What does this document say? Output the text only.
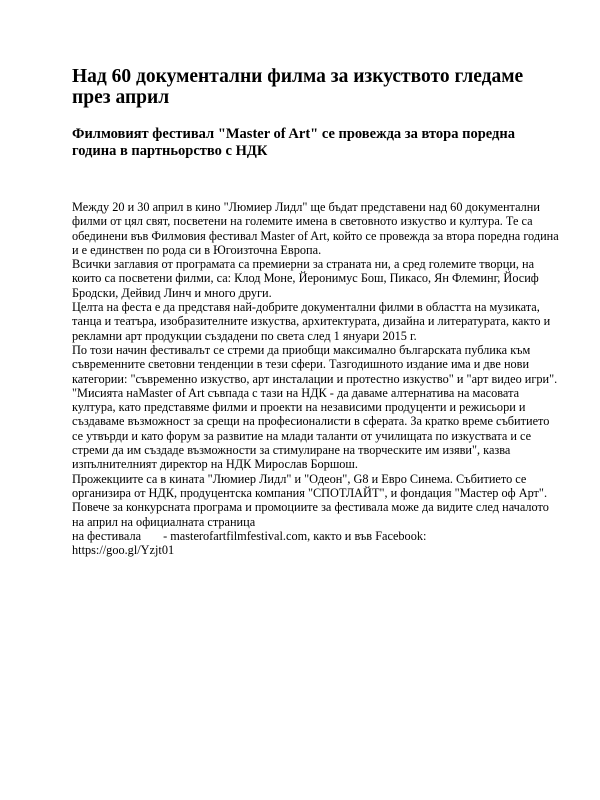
Над 60 документални филма за изкуството гледаме през април
Филмовият фестивал "Master of Art" се провежда за втора поредна година в партньорство с НДК

Между 20 и 30 април в кино "Люмиер Лидл" ще бъдат представени над 60 документални филми от цял свят, посветени на големите имена в световното изкуство и култура. Те са обединени във Филмовия фестивал Master of Art, който се провежда за втора поредна година и е единствен по рода си в Югоизточна Европа.

Всички заглавия от програмата са премиерни за страната ни, а сред големите творци, на които са посветени филми, са: Клод Моне, Йеронимус Бош, Пикасо, Ян Флеминг, Йосиф Бродски, Дейвид Линч и много други.

Целта на феста е да представя най-добрите документални филми в областта на музиката, танца и театъра, изобразителните изкуства, архитектурата, дизайна и литературата, както и рекламни арт продукции създадени по света след 1 януари 2015 г.

По този начин фестивалът се стреми да приобщи максимално българската публика към съвременните световни тенденции в тези сфери. Тазгодишното издание има и две нови категории: "съвременно изкуство, арт инсталации и протестно изкуство" и "арт видео игри".

"Мисията наMaster of Art съвпада с тази на НДК - да даваме алтернатива на масовата култура, като представяме филми и проекти на независими продуценти и режисьори и създаваме възможност за срещи на професионалисти в сферата. За кратко време събитието се утвърди и като форум за развитие на млади таланти от училищата по изкуствата и се стреми да им създаде възможности за стимулиране на творческите им изяви", казва изпълнителният директор на НДК Мирослав Боршош.

Прожекциите са в кината "Люмиер Лидл" и "Одеон", G8 и Евро Синема. Събитието се организира от НДК, продуцентска компания "СПОТЛАЙТ", и фондация "Мастер оф Арт".

Повече за конкурсната програма и промоциите за фестивала може да видите след началото на април на официалната страница

на фестивала - masterofartfilmfestival.com, както и във Facebook:

https://goo.gl/Yzjt01
